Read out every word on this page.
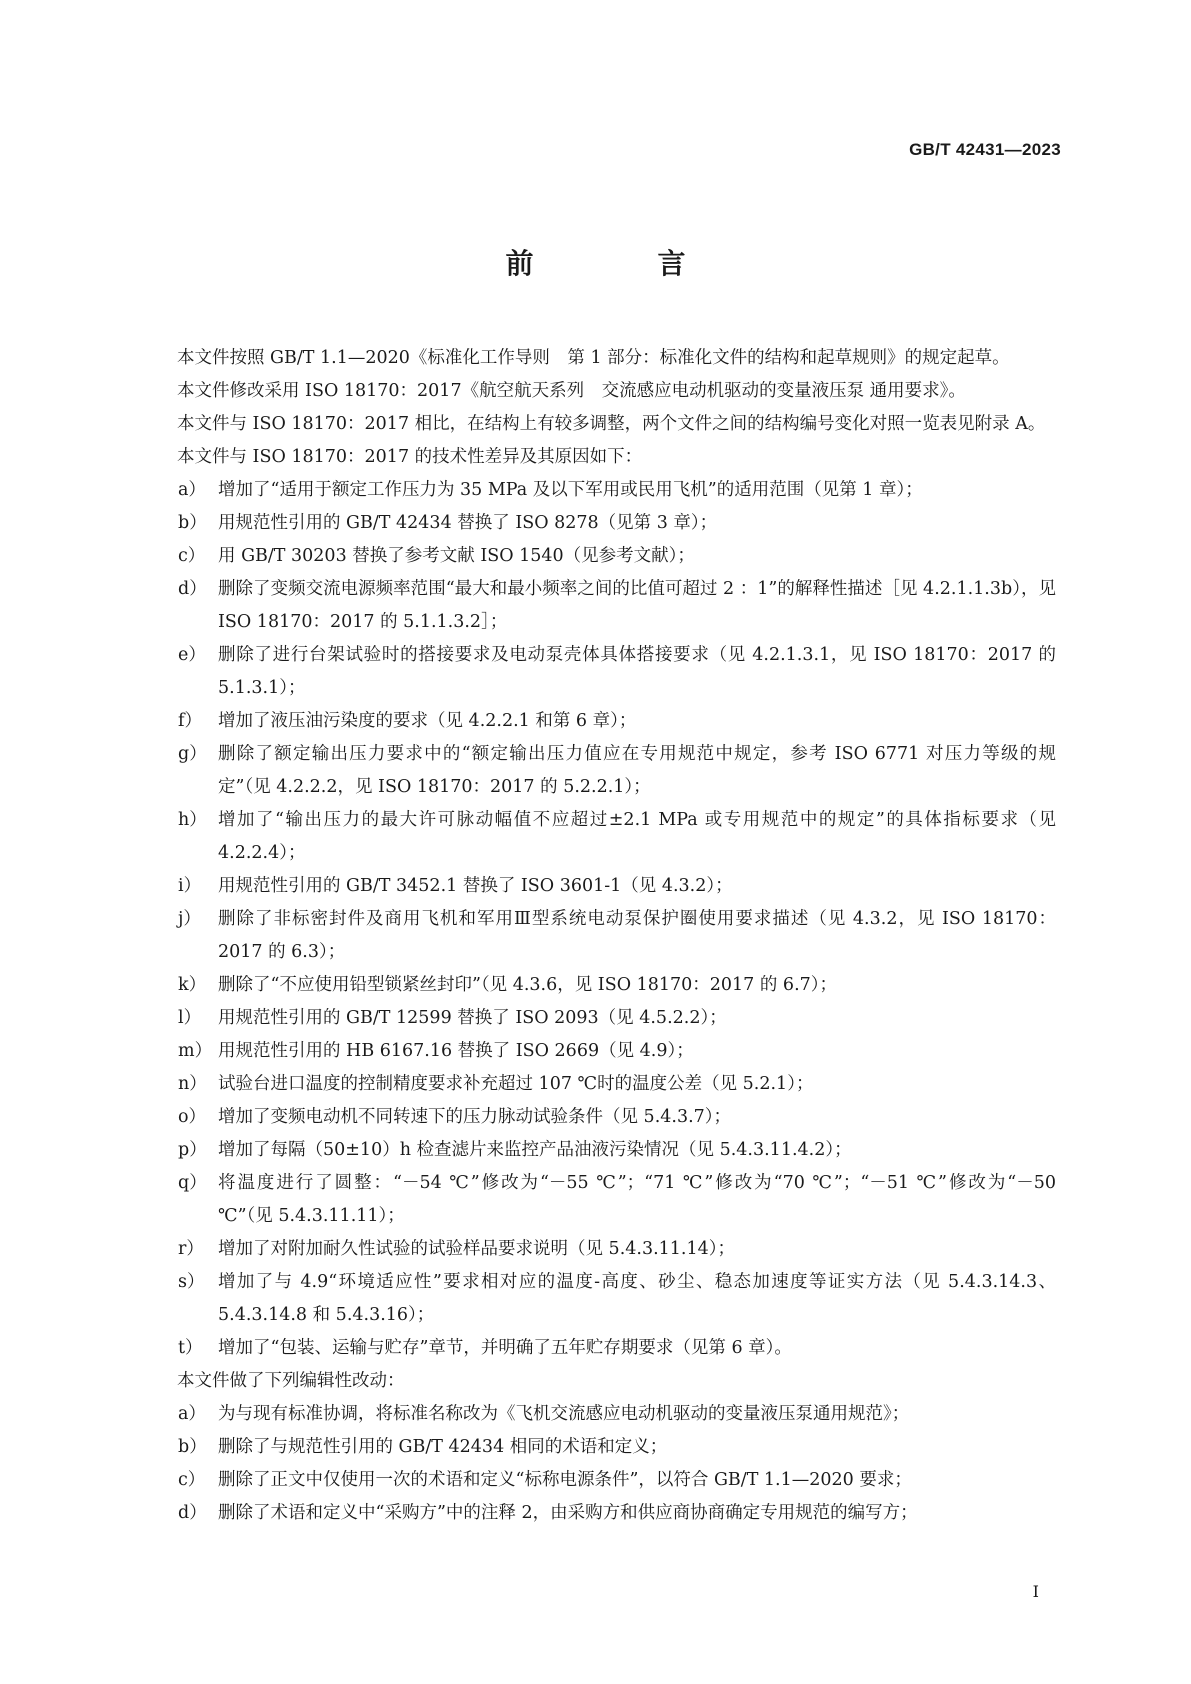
GB/T 42431—2023
前　言

本文件按照 GB/T 1.1—2020《标准化工作导则　第 1 部分：标准化文件的结构和起草规则》的规定起草。

本文件修改采用 ISO 18170：2017《航空航天系列　交流感应电动机驱动的变量液压泵 通用要求》。

本文件与 ISO 18170：2017 相比，在结构上有较多调整，两个文件之间的结构编号变化对照一览表见附录 A。

本文件与 ISO 18170：2017 的技术性差异及其原因如下：

a） 增加了“适用于额定工作压力为 35 MPa 及以下军用或民用飞机”的适用范围（见第 1 章）；
b） 用规范性引用的 GB/T 42434 替换了 ISO 8278（见第 3 章）；
c） 用 GB/T 30203 替换了参考文献 ISO 1540（见参考文献）；
d） 删除了变频交流电源频率范围“最大和最小频率之间的比值可超过 2 ：1”的解释性描述［见 4.2.1.1.3b），见 ISO 18170：2017 的 5.1.1.3.2］；
e） 删除了进行台架试验时的搭接要求及电动泵壳体具体搭接要求（见 4.2.1.3.1，见 ISO 18170：2017 的 5.1.3.1）；
f） 增加了液压油污染度的要求（见 4.2.2.1 和第 6 章）；
g） 删除了额定输出压力要求中的“额定输出压力值应在专用规范中规定，参考 ISO 6771 对压力等级的规定”（见 4.2.2.2，见 ISO 18170：2017 的 5.2.2.1）；
h） 增加了“输出压力的最大许可脉动幅值不应超过±2.1 MPa 或专用规范中的规定”的具体指标要求（见 4.2.2.4）；
i） 用规范性引用的 GB/T 3452.1 替换了 ISO 3601-1（见 4.3.2）；
j） 删除了非标密封件及商用飞机和军用Ⅲ型系统电动泵保护圈使用要求描述（见 4.3.2，见 ISO 18170：2017 的 6.3）；
k） 删除了“不应使用铅型锁紧丝封印”（见 4.3.6，见 ISO 18170：2017 的 6.7）；
l） 用规范性引用的 GB/T 12599 替换了 ISO 2093（见 4.5.2.2）；
m） 用规范性引用的 HB 6167.16 替换了 ISO 2669（见 4.9）；
n） 试验台进口温度的控制精度要求补充超过 107 ℃时的温度公差（见 5.2.1）；
o） 增加了变频电动机不同转速下的压力脉动试验条件（见 5.4.3.7）；
p） 增加了每隔（50±10）h 检查滤片来监控产品油液污染情况（见 5.4.3.11.4.2）；
q） 将温度进行了圆整：“－54 ℃”修改为“－55 ℃”；“71 ℃”修改为“70 ℃”；“－51 ℃”修改为“－50 ℃”（见 5.4.3.11.11）；
r） 增加了对附加耐久性试验的试验样品要求说明（见 5.4.3.11.14）；
s） 增加了与 4.9“环境适应性”要求相对应的温度-高度、砂尘、稳态加速度等证实方法（见 5.4.3.14.3、5.4.3.14.8 和 5.4.3.16）；
t） 增加了“包装、运输与贮存”章节，并明确了五年贮存期要求（见第 6 章）。

本文件做了下列编辑性改动：

a） 为与现有标准协调，将标准名称改为《飞机交流感应电动机驱动的变量液压泵通用规范》；
b） 删除了与规范性引用的 GB/T 42434 相同的术语和定义；
c） 删除了正文中仅使用一次的术语和定义“标称电源条件”，以符合 GB/T 1.1—2020 要求；
d） 删除了术语和定义中“采购方”中的注释 2，由采购方和供应商协商确定专用规范的编写方；
Ⅰ
